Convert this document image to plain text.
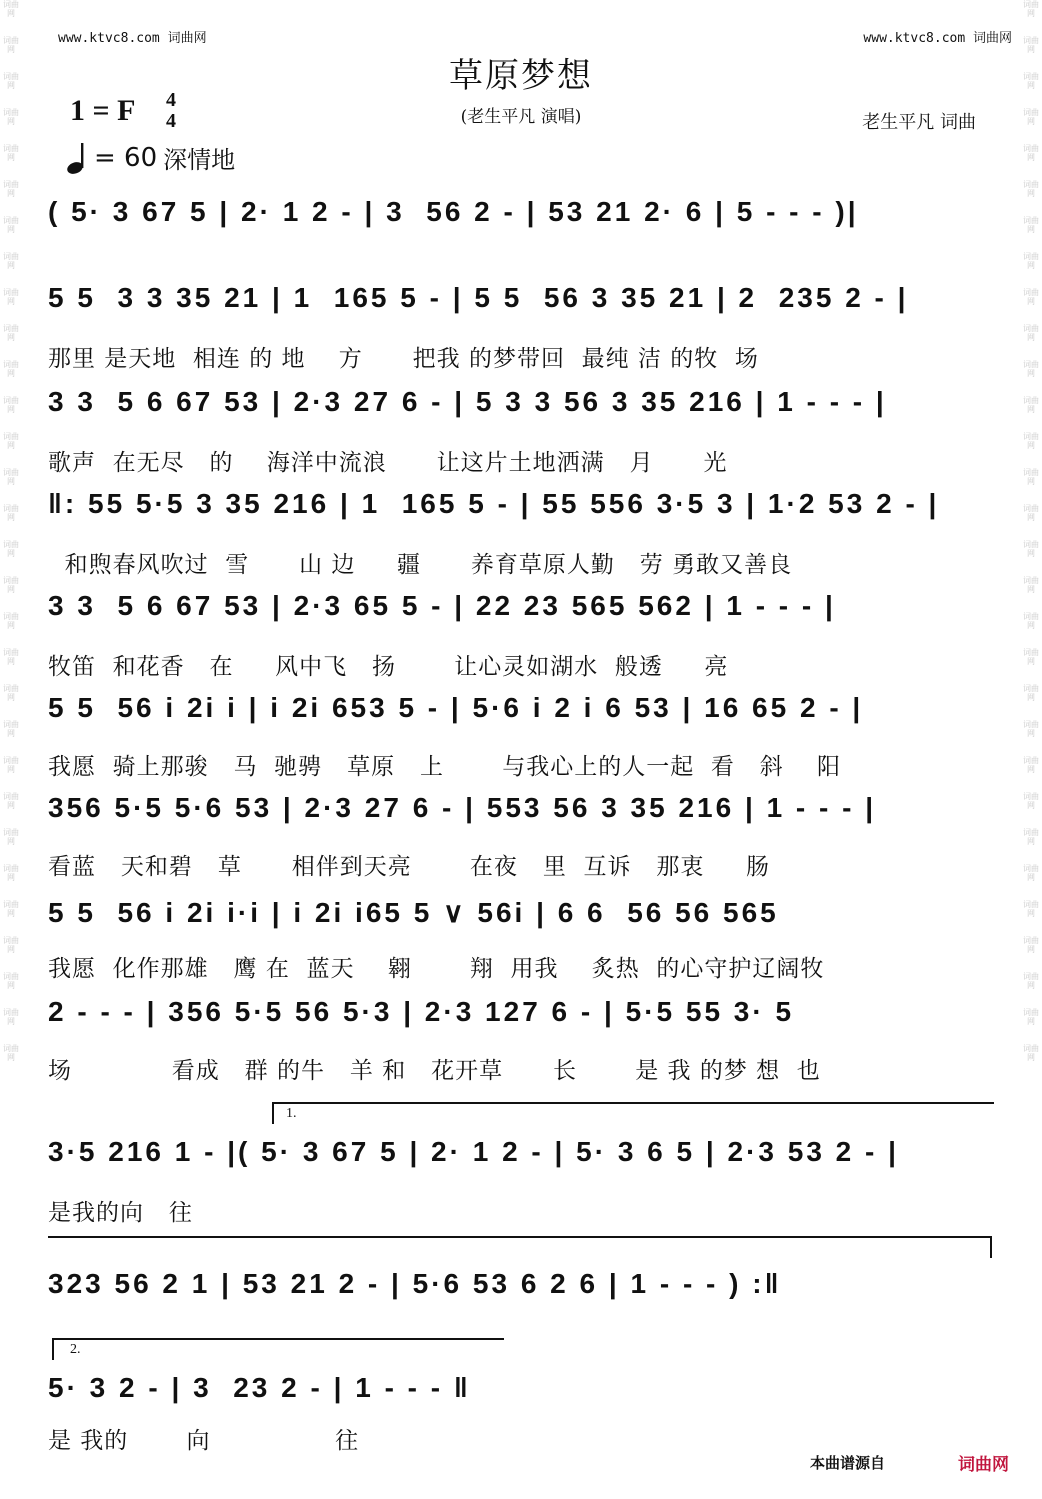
词曲网
词曲网
词曲网
词曲网
词曲网
词曲网
词曲网
词曲网
词曲网
词曲网
词曲网
词曲网
词曲网
词曲网
词曲网
词曲网
词曲网
词曲网
词曲网
词曲网
词曲网
词曲网
词曲网
词曲网
词曲网
词曲网
词曲网
词曲网
词曲网
词曲网
词曲网
词曲网
词曲网
词曲网
词曲网
词曲网
词曲网
词曲网
词曲网
词曲网
词曲网
词曲网
词曲网
词曲网
词曲网
词曲网
词曲网
词曲网
词曲网
词曲网
词曲网
词曲网
词曲网
词曲网
词曲网
词曲网
词曲网
词曲网
词曲网
词曲网
www.ktvc8.com 词曲网	www.ktvc8.com 词曲网
草原梦想
(老生平凡 演唱)	老生平凡 词曲
1 = F	4
4
= 60 深情地
( 5· 3 67 5 | 2· 1 2 - | 3  56 2 - | 53 21 2· 6 | 5 - - - )|
5 5  3 3 35 21 | 1  165 5 - | 5 5  56 3 35 21 | 2  235 2 - |
那里 是天地  相连 的 地    方      把我 的梦带回  最纯 洁 的牧  场
3 3  5 6 67 53 | 2·3 27 6 - | 5 3 3 56 3 35 216 | 1 - - - |
歌声  在无尽   的    海洋中流浪      让这片土地洒满   月      光
‖: 55 5·5 3 35 216 | 1  165 5 - | 55 556 3·5 3 | 1·2 53 2 - |
和煦春风吹过  雪      山 边     疆      养育草原人勤   劳 勇敢又善良
3 3  5 6 67 53 | 2·3 65 5 - | 22 23 565 562 | 1 - - - |
牧笛  和花香   在     风中飞   扬       让心灵如湖水  般透     亮
5 5  56 i 2i i | i 2i 653 5 - | 5·6 i 2 i 6 53 | 16 65 2 - |
我愿  骑上那骏   马  驰骋   草原   上       与我心上的人一起  看   斜    阳
356 5·5 5·6 53 | 2·3 27 6 - | 553 56 3 35 216 | 1 - - - |
看蓝   天和碧   草      相伴到天亮       在夜   里  互诉   那衷     肠
5 5  56 i 2i i·i | i 2i i65 5 ∨ 56i | 6 6  56 56 565
我愿  化作那雄   鹰 在  蓝天    翱       翔  用我    炙热  的心守护辽阔牧
2 - - - | 356 5·5 56 5·3 | 2·3 127 6 - | 5·5 55 3· 5
场            看成   群 的牛   羊 和   花开草      长       是 我 的梦 想  也
1.
3·5 216 1 - |( 5· 3 67 5 | 2· 1 2 - | 5· 3 6 5 | 2·3 53 2 - |
是我的向   往
323 56 2 1 | 53 21 2 - | 5·6 53 6 2 6 | 1 - - - ) :‖
2.
5· 3 2 - | 3  23 2 - | 1 - - - ‖
是 我的       向               往
本曲谱源自	词曲网
